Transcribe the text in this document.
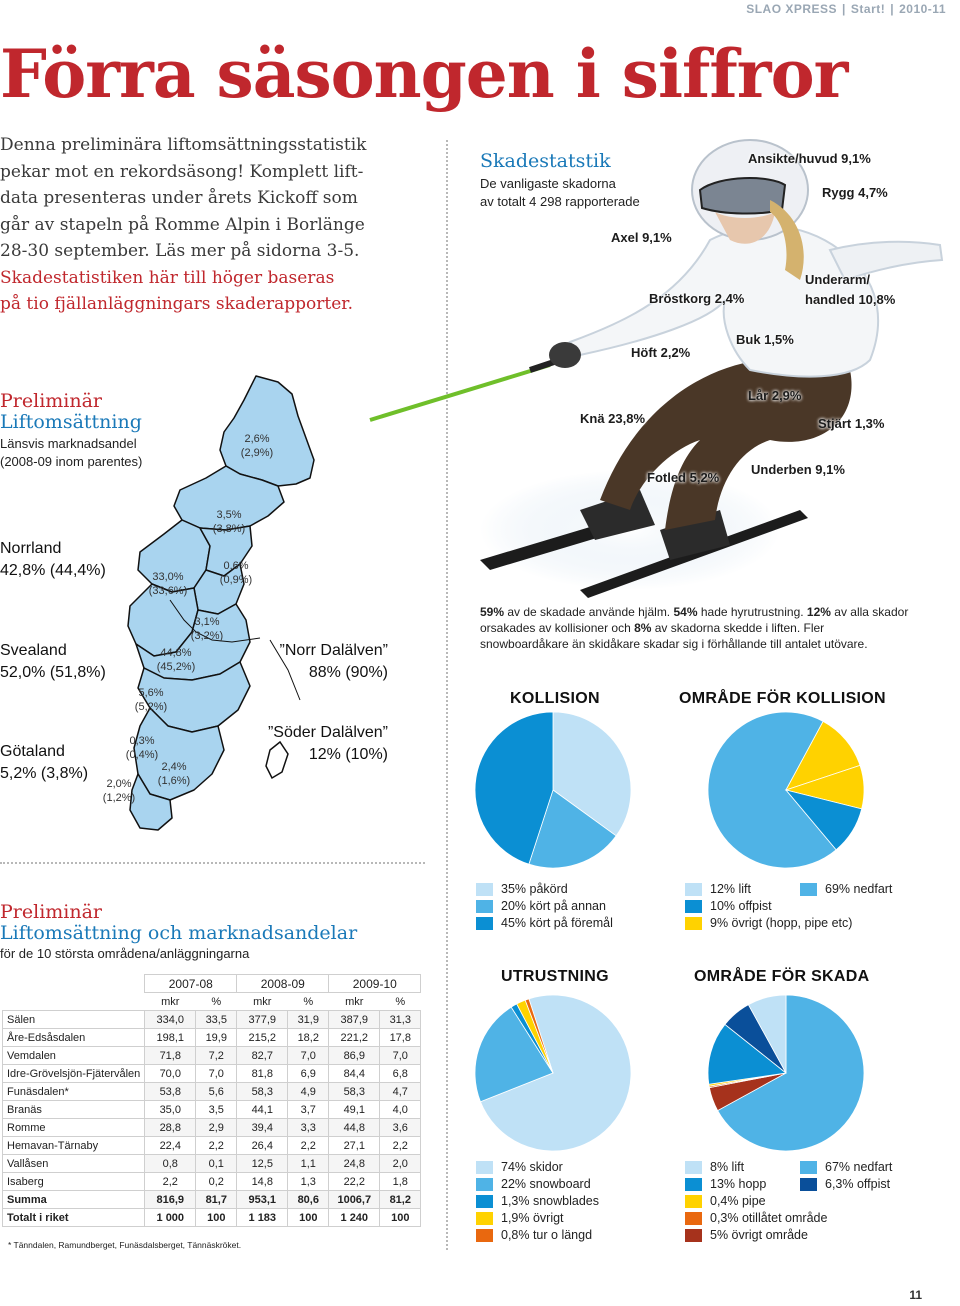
SLAO XPRESS | Start! | 2010-11
Förra säsongen i siffror
Denna preliminära liftomsättningsstatistik
pekar mot en rekordsäsong! Komplett lift-
data presenteras under årets Kickoff som
går av stapeln på Romme Alpin i Borlänge
28-30 september. Läs mer på sidorna 3-5.
Skadestatistiken här till höger baseras
på tio fjällanläggningars skaderapporter.
Skadestatstik
De vanligaste skadorna
av totalt 4 298 rapporterade
Ansikte/huvud 9,1%
Rygg 4,7%
Axel 9,1%
Underarm/
handled 10,8%
Bröstkorg 2,4%
Buk 1,5%
Höft 2,2%
Lår 2,9%
Knä 23,8%	Stjärt 1,3%
Fotled 5,2%
Underben 9,1%
Preliminär
Liftomsättning
Länsvis marknadsandel
(2008-09 inom parentes)
2,6%
(2,9%)
3,5%
(3,8%)
0,6%
(0,9%)
33,0%
(33,6%)
3,1%
(3,2%)
44,8%
(45,2%)
5,6%
(5,2%)
0,3%
(0,4%)
2,4%
(1,6%)
2,0%
(1,2%)
Norrland
42,8% (44,4%)
Svealand
52,0% (51,8%)
Götaland
5,2% (3,8%)
”Norr Dalälven”
88% (90%)
”Söder Dalälven”
12% (10%)
Preliminär
Liftomsättning och marknadsandelar
för de 10 största områdena/anläggningarna
	2007-08		2008-09		2009-10	
	mkr	%	mkr	%	mkr	%
Sälen	334,0	33,5	377,9	31,9	387,9	31,3
Åre-Edsåsdalen	198,1	19,9	215,2	18,2	221,2	17,8
Vemdalen	71,8	7,2	82,7	7,0	86,9	7,0
Idre-Grövelsjön-Fjätervålen	70,0	7,0	81,8	6,9	84,4	6,8
Funäsdalen*	53,8	5,6	58,3	4,9	58,3	4,7
Branäs	35,0	3,5	44,1	3,7	49,1	4,0
Romme	28,8	2,9	39,4	3,3	44,8	3,6
Hemavan-Tärnaby	22,4	2,2	26,4	2,2	27,1	2,2
Vallåsen	0,8	0,1	12,5	1,1	24,8	2,0
Isaberg	2,2	0,2	14,8	1,3	22,2	1,8
Summa	816,9	81,7	953,1	80,6	1006,7	81,2
Totalt i riket	1 000	100	1 183	100	1 240	100
* Tänndalen, Ramundberget, Funäsdalsberget, Tännäskröket.
59% av de skadade använde hjälm. 54% hade hyrutrustning. 12% av alla skador orsakades av kollisioner och 8% av skadorna skedde i liften. Fler snowboardåkare än skidåkare skadar sig i förhållande till antalet utövare.
KOLLISION	OMRÅDE FÖR KOLLISION
UTRUSTNING	OMRÅDE FÖR SKADA
35% påkörd
20% kört på annan
45% kört på föremål
12% lift
10% offpist
9% övrigt (hopp, pipe etc)
69% nedfart
74% skidor
22% snowboard
1,3% snowblades
1,9% övrigt
0,8% tur o längd
8% lift
13% hopp
0,4% pipe
0,3% otillåtet område
5% övrigt område
67% nedfart
6,3% offpist
11
